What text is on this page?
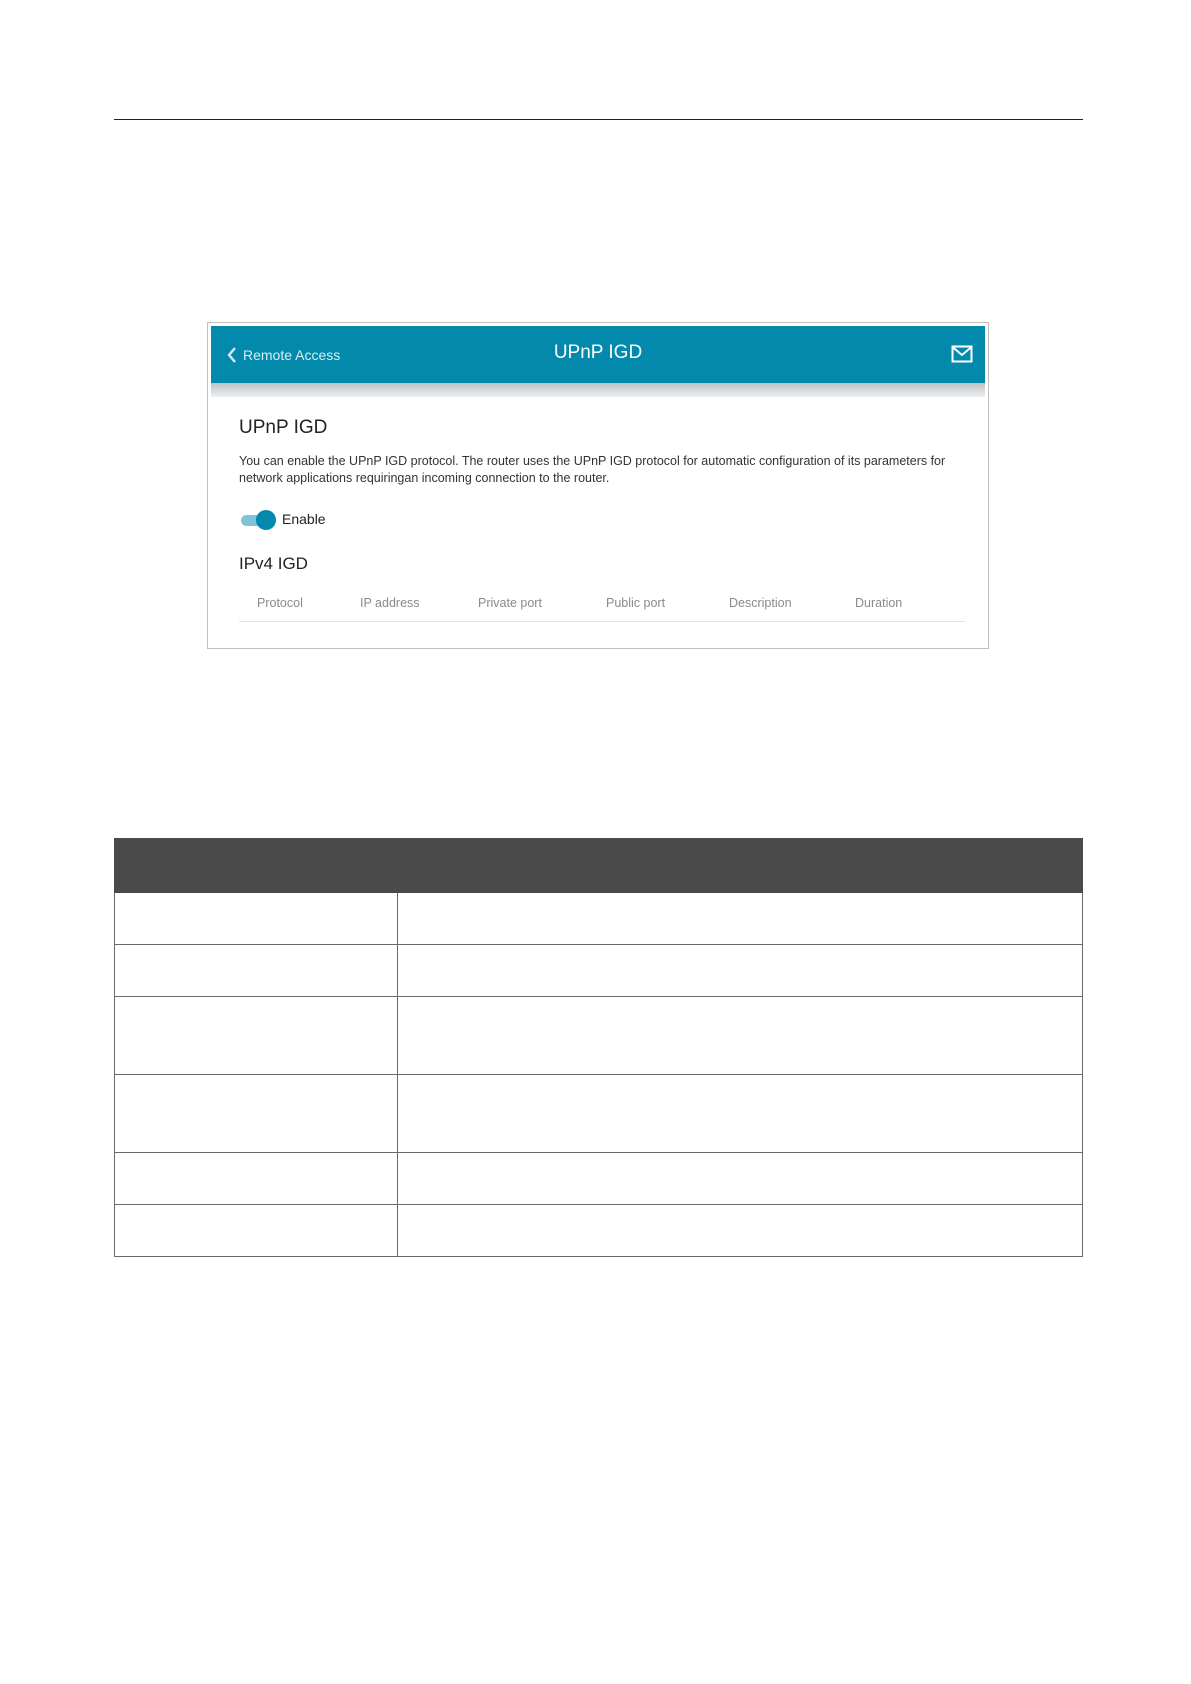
Remote Access	UPnP IGD
UPnP IGD
You can enable the UPnP IGD protocol. The router uses the UPnP IGD protocol for automatic configuration of its parameters for network applications requiringan incoming connection to the router.
Enable
IPv4 IGD
Protocol	IP address	Private port	Public port	Description	Duration
